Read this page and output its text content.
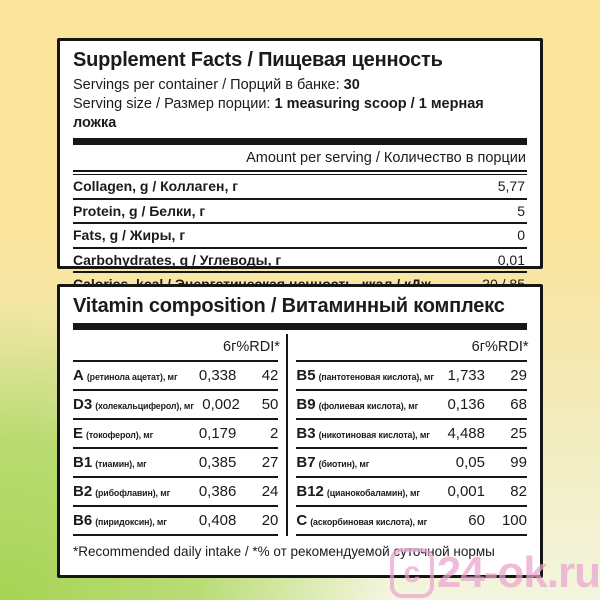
Supplement Facts / Пищевая ценность
Servings per container / Порций в банке: 30
Serving size / Размер порции: 1 measuring scoop / 1 мерная ложка
Amount per serving / Количество в порции
Collagen, g / Коллаген, г	5,77
Protein, g / Белки, г	5
Fats, g / Жиры, г	0
Carbohydrates, g / Углеводы, г	0,01
Vitamin composition / Витаминный комплекс
6г %RDI*
A (ретинола ацетат), мг	0,338	42
D3 (холекальциферол), мг 0,002	50
E (токоферол), мг	0,179	2
B1 (тиамин), мг	0,385	27
B2 (рибофлавин), мг	0,386	24
B6 (пиридоксин), мг	0,408	20
6г %RDI*
B5 (пантотеновая кислота), мг 1,733	29
B9 (фолиевая кислота), мг	0,136	68
B3 (никотиновая кислота), мг	4,488	25
B7 (биотин), мг	0,05	99
B12 (цианокобаламин), мг	0,001	82
C (аскорбиновая кислота), мг	60	100
*Recommended daily intake / *% от рекомендуемой суточной нормы
c 24-ok.ru
